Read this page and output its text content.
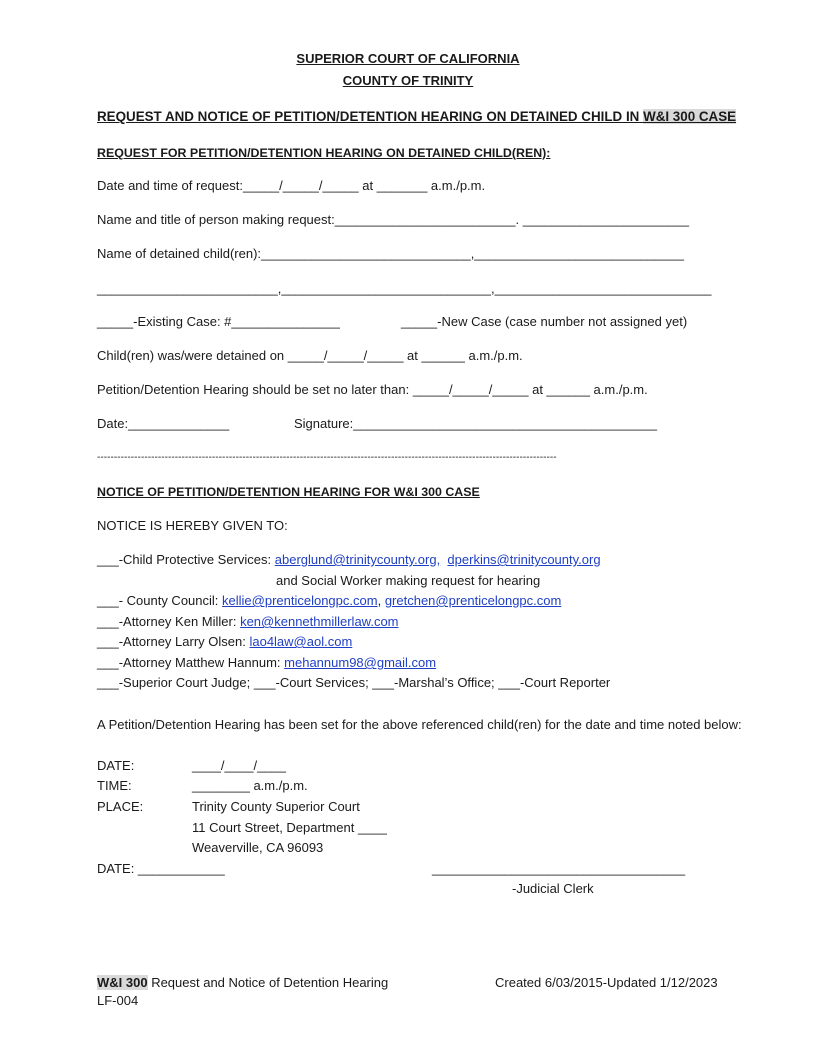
SUPERIOR COURT OF CALIFORNIA
COUNTY OF TRINITY
REQUEST AND NOTICE OF PETITION/DETENTION HEARING ON DETAINED CHILD IN W&I 300 CASE
REQUEST FOR PETITION/DETENTION HEARING ON DETAINED CHILD(REN):
Date and time of request:_____/_____/_____ at _______ a.m./p.m.
Name and title of person making request:_________________________. _______________________
Name of detained child(ren):_____________________________,_____________________________
_________________________,_____________________________,______________________________
_____-Existing Case: #_______________	_____-New Case (case number not assigned yet)
Child(ren) was/were detained on _____/_____/_____ at ______ a.m./p.m.
Petition/Detention Hearing should be set no later than: _____/_____/_____ at ______ a.m./p.m.
Date:______________	Signature:__________________________________________
----------------------------------------------------------------------------------------------------------------------------------------
NOTICE OF PETITION/DETENTION HEARING FOR W&I 300 CASE
NOTICE IS HEREBY GIVEN TO:
___-Child Protective Services: aberglund@trinitycounty.org, dperkins@trinitycounty.org
and Social Worker making request for hearing
___- County Council: kellie@prenticelongpc.com, gretchen@prenticelongpc.com
___-Attorney Ken Miller: ken@kennethmillerlaw.com
___-Attorney Larry Olsen: lao4law@aol.com
___-Attorney Matthew Hannum: mehannum98@gmail.com
___-Superior Court Judge; ___-Court Services; ___-Marshal’s Office; ___-Court Reporter
A Petition/Detention Hearing has been set for the above referenced child(ren) for the date and time noted below:
DATE:	____/____/____
TIME:	________ a.m./p.m.
PLACE:	Trinity County Superior Court
11 Court Street, Department ____
Weaverville, CA 96093
DATE: ____________	___________________________________
-Judicial Clerk
W&I 300 Request and Notice of Detention Hearing	Created 6/03/2015-Updated 1/12/2023
LF-004
